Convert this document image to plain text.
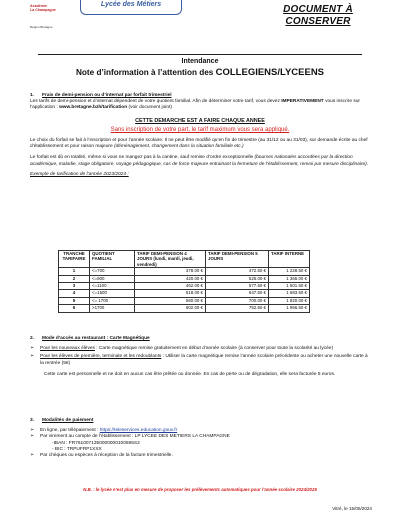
Académie
La Champagne
Région Bretagne
Lycée des Métiers	DOCUMENT À
CONSERVER
Intendance
Note d’information à l’attention des COLLEGIENS/LYCEENS
1. Frais de demi-pension ou d’internat par forfait trimestriel
Les tarifs de demi-pension et d’internat dépendent de votre quotient familial. Afin de déterminer votre tarif, vous devez IMPERATIVEMENT vous inscrire sur l’application : www.bretagne.bzh/tarification (voir document joint)
CETTE DEMARCHE EST A FAIRE CHAQUE ANNEE
Sans inscription de votre part, le tarif maximum vous sera appliqué.
Le choix du forfait se fait à l’inscription et pour l’année scolaire. Il ne peut être modifié qu’en fin de trimestre (au 31/12 ou au 31/03), sur demande écrite au chef d’établissement et pour raison majeure (déménagement, changement dans la situation familiale etc.)
Le forfait est dû en totalité, même si vous ne mangez pas à la cantine, sauf remise d’ordre exceptionnelle (bourses nationales accordées par la direction académique, maladie, stage obligatoire, voyage pédagogique, cas de force majeure entrainant la fermeture de l’établissement, renvoi par mesure disciplinaire).
Exemple de tarification de l’année 2023/2024 :
TRANCHE TARIFAIRE	QUOTIENT FAMILIAL	TARIF DEMI-PENSION 4 JOURS (lundi, mardi, jeudi, vendredi)	TARIF DEMI-PENSION 5 JOURS	TARIF INTERNE
1	<=700	378.00 €	472.50 €	1 228.50 €
2	<=900	420.00 €	525.00 €	1 365.00 €
3	<=1100	462.00 €	577.50 €	1 501.50 €
4	<=1500	518.00 €	647.50 €	1 683.50 €
5	<= 1700	560.00 €	700.00 €	1 820.00 €
6	>1700	602.00 €	752.50 €	1 956.50 €
2. Mode d’accès au restaurant : Carte Magnétique
➢	Pour les nouveaux élèves : Carte magnétique remise gratuitement en début d’année scolaire (à conserver pour toute la scolarité au lycée)
➢	Pour les élèves de première, terminale et les redoublants : Utiliser la carte magnétique remise l’année scolaire précédente ou acheter une nouvelle carte à la rentrée (5€)
Cette carte est personnelle et ne doit en aucun cas être prêtée ou donnée. En cas de perte ou de dégradation, elle sera facturée 5 euros.
3. Modalités de paiement
➢	En ligne, par télépaiement : https://teleservices.education.gouv.fr
➢	Par virement au compte de l’établissement : LP LYCEE DES METIERS LA CHAMPAGNE
-IBAN : FR7610071350000000100595S2
- BIC : TRPUFRP1XXX
➢	Par chèques ou espèces à réception de la facture trimestrielle.
N.B. : le lycée n’est plus en mesure de proposer les prélèvements automatiques pour l’année scolaire 2024/2025
Vitré, le 15/05/2024
